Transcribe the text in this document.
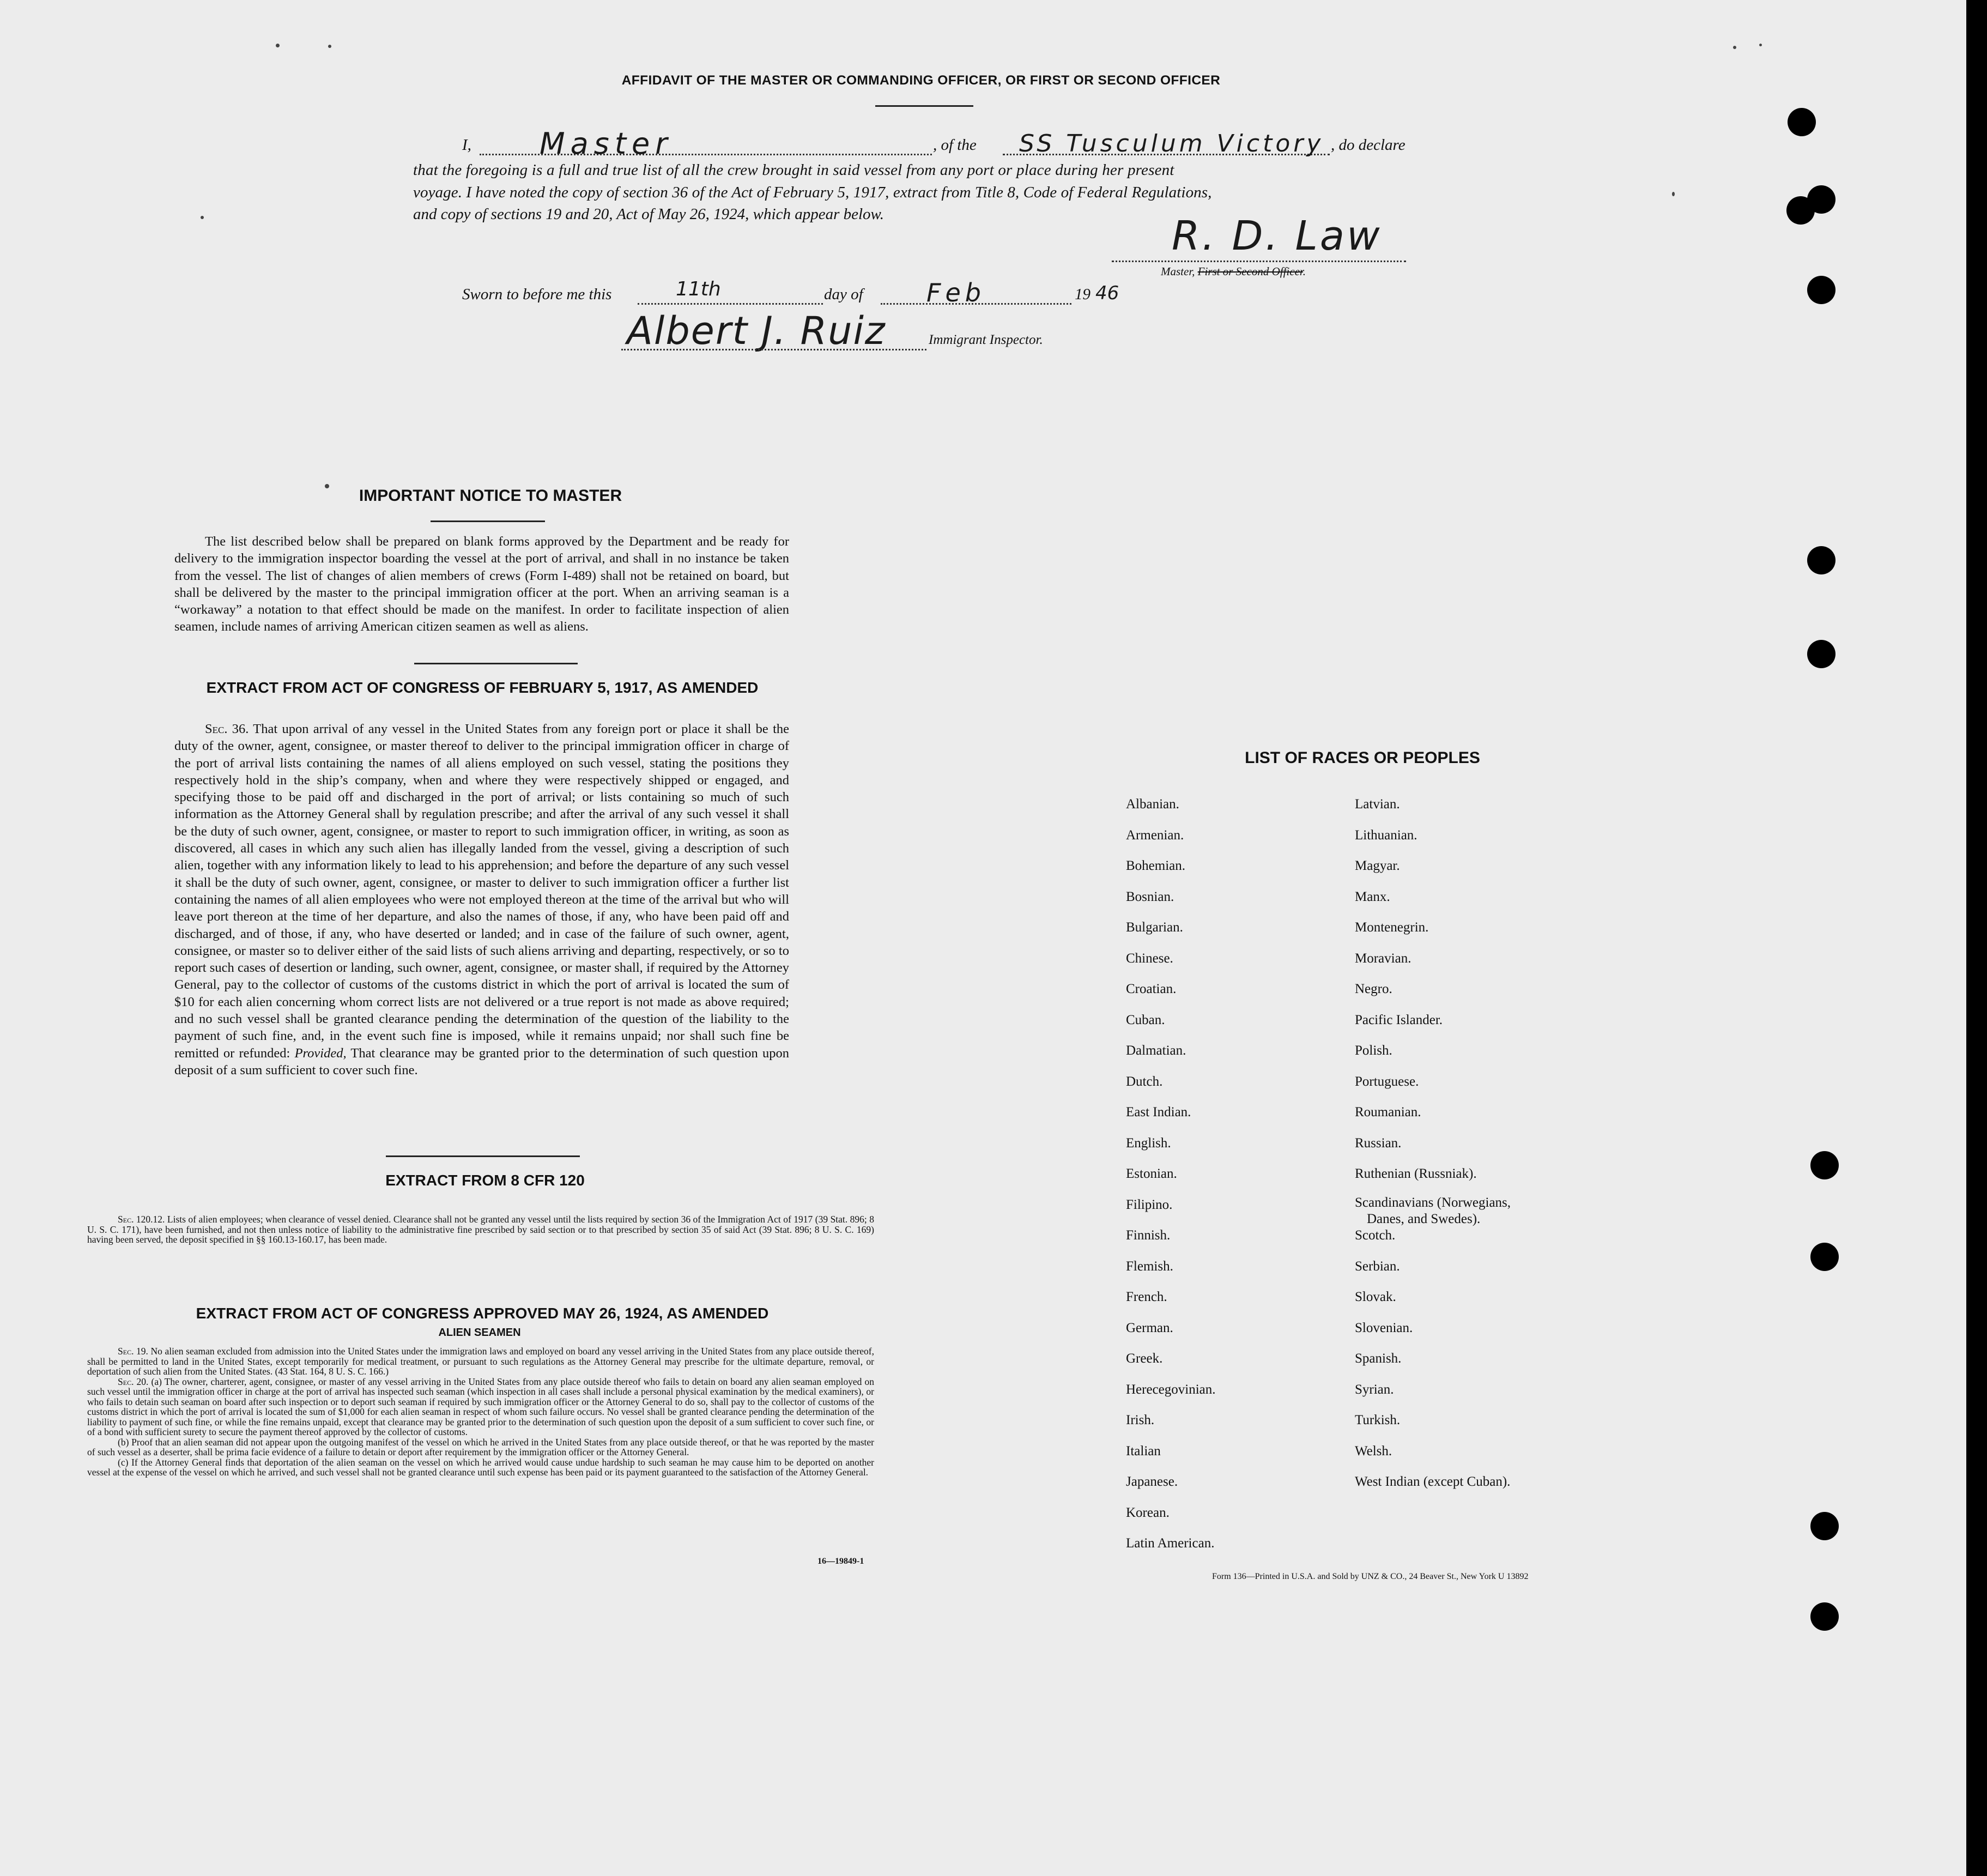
AFFIDAVIT OF THE MASTER OR COMMANDING OFFICER, OR FIRST OR SECOND OFFICER
I, Master	, of the SS Tusculum Victory , do declare
that the foregoing is a full and true list of all the crew brought in said vessel from any port or place during her present
voyage. I have noted the copy of section 36 of the Act of February 5, 1917, extract from Title 8, Code of Federal Regulations,
and copy of sections 19 and 20, Act of May 26, 1924, which appear below.	R. D. Law
Master, First or Second Officer.
Sworn to before me this	11th	day of	Feb	19 46
Albert J. Ruiz	Immigrant Inspector.
IMPORTANT NOTICE TO MASTER
The list described below shall be prepared on blank forms approved by the Department and be ready for delivery to the immigration inspector boarding the vessel at the port of arrival, and shall in no instance be taken from the vessel. The list of changes of alien members of crews (Form I-489) shall not be retained on board, but shall be delivered by the master to the principal immigration officer at the port. When an arriving seaman is a “workaway” a notation to that effect should be made on the manifest. In order to facilitate inspection of alien seamen, include names of arriving American citizen seamen as well as aliens.
EXTRACT FROM ACT OF CONGRESS OF FEBRUARY 5, 1917, AS AMENDED
Sec. 36. That upon arrival of any vessel in the United States from any foreign port or place it shall be the duty of the owner, agent, consignee, or master thereof to deliver to the principal immigration officer in charge of the port of arrival lists containing the names of all aliens employed on such vessel, stating the positions they respectively hold in the ship’s company, when and where they were respectively shipped or engaged, and specifying those to be paid off and discharged in the port of arrival; or lists containing so much of such information as the Attorney General shall by regulation prescribe; and after the arrival of any such vessel it shall be the duty of such owner, agent, consignee, or master to report to such immigration officer, in writing, as soon as discovered, all cases in which any such alien has illegally landed from the vessel, giving a description of such alien, together with any information likely to lead to his apprehension; and before the departure of any such vessel it shall be the duty of such owner, agent, consignee, or master to deliver to such immigration officer a further list containing the names of all alien employees who were not employed thereon at the time of the arrival but who will leave port thereon at the time of her departure, and also the names of those, if any, who have been paid off and discharged, and of those, if any, who have deserted or landed; and in case of the failure of such owner, agent, consignee, or master so to deliver either of the said lists of such aliens arriving and departing, respectively, or so to report such cases of desertion or landing, such owner, agent, consignee, or master shall, if required by the Attorney General, pay to the collector of customs of the customs district in which the port of arrival is located the sum of $10 for each alien concerning whom correct lists are not delivered or a true report is not made as above required; and no such vessel shall be granted clearance pending the determination of the question of the liability to the payment of such fine, and, in the event such fine is imposed, while it remains unpaid; nor shall such fine be remitted or refunded: Provided, That clearance may be granted prior to the determination of such question upon deposit of a sum sufficient to cover such fine.
EXTRACT FROM 8 CFR 120
Sec. 120.12. Lists of alien employees; when clearance of vessel denied. Clearance shall not be granted any vessel until the lists required by section 36 of the Immigration Act of 1917 (39 Stat. 896; 8 U. S. C. 171), have been furnished, and not then unless notice of liability to the administrative fine prescribed by said section or to that prescribed by section 35 of said Act (39 Stat. 896; 8 U. S. C. 169) having been served, the deposit specified in §§ 160.13-160.17, has been made.
EXTRACT FROM ACT OF CONGRESS APPROVED MAY 26, 1924, AS AMENDED
ALIEN SEAMEN

Sec. 19. No alien seaman excluded from admission into the United States under the immigration laws and employed on board any vessel arriving in the United States from any place outside thereof, shall be permitted to land in the United States, except temporarily for medical treatment, or pursuant to such regulations as the Attorney General may prescribe for the ultimate departure, removal, or deportation of such alien from the United States. (43 Stat. 164, 8 U. S. C. 166.)

Sec. 20. (a) The owner, charterer, agent, consignee, or master of any vessel arriving in the United States from any place outside thereof who fails to detain on board any alien seaman employed on such vessel until the immigration officer in charge at the port of arrival has inspected such seaman (which inspection in all cases shall include a personal physical examination by the medical examiners), or who fails to detain such seaman on board after such inspection or to deport such seaman if required by such immigration officer or the Attorney General to do so, shall pay to the collector of customs of the customs district in which the port of arrival is located the sum of $1,000 for each alien seaman in respect of whom such failure occurs. No vessel shall be granted clearance pending the determination of the liability to payment of such fine, or while the fine remains unpaid, except that clearance may be granted prior to the determination of such question upon the deposit of a sum sufficient to cover such fine, or of a bond with sufficient surety to secure the payment thereof approved by the collector of customs.

(b) Proof that an alien seaman did not appear upon the outgoing manifest of the vessel on which he arrived in the United States from any place outside thereof, or that he was reported by the master of such vessel as a deserter, shall be prima facie evidence of a failure to detain or deport after requirement by the immigration officer or the Attorney General.

(c) If the Attorney General finds that deportation of the alien seaman on the vessel on which he arrived would cause undue hardship to such seaman he may cause him to be deported on another vessel at the expense of the vessel on which he arrived, and such vessel shall not be granted clearance until such expense has been paid or its payment guaranteed to the satisfaction of the Attorney General.

16—19849-1
LIST OF RACES OR PEOPLES
Form 136—Printed in U.S.A. and Sold by UNZ & CO., 24 Beaver St., New York U 13892
Albanian.
Armenian.
Bohemian.
Bosnian.
Bulgarian.
Chinese.
Croatian.
Cuban.
Dalmatian.
Dutch.
East Indian.
English.
Estonian.
Filipino.
Finnish.
Flemish.
French.
German.
Greek.
Herecegovinian.
Irish.
Italian
Japanese.
Korean.
Latin American.
Latvian.
Lithuanian.
Magyar.
Manx.
Montenegrin.
Moravian.
Negro.
Pacific Islander.
Polish.
Portuguese.
Roumanian.
Russian.
Ruthenian (Russniak).
Scandinavians (Norwegians,
Danes, and Swedes).
Scotch.
Serbian.
Slovak.
Slovenian.
Spanish.
Syrian.
Turkish.
Welsh.
West Indian (except Cuban).
